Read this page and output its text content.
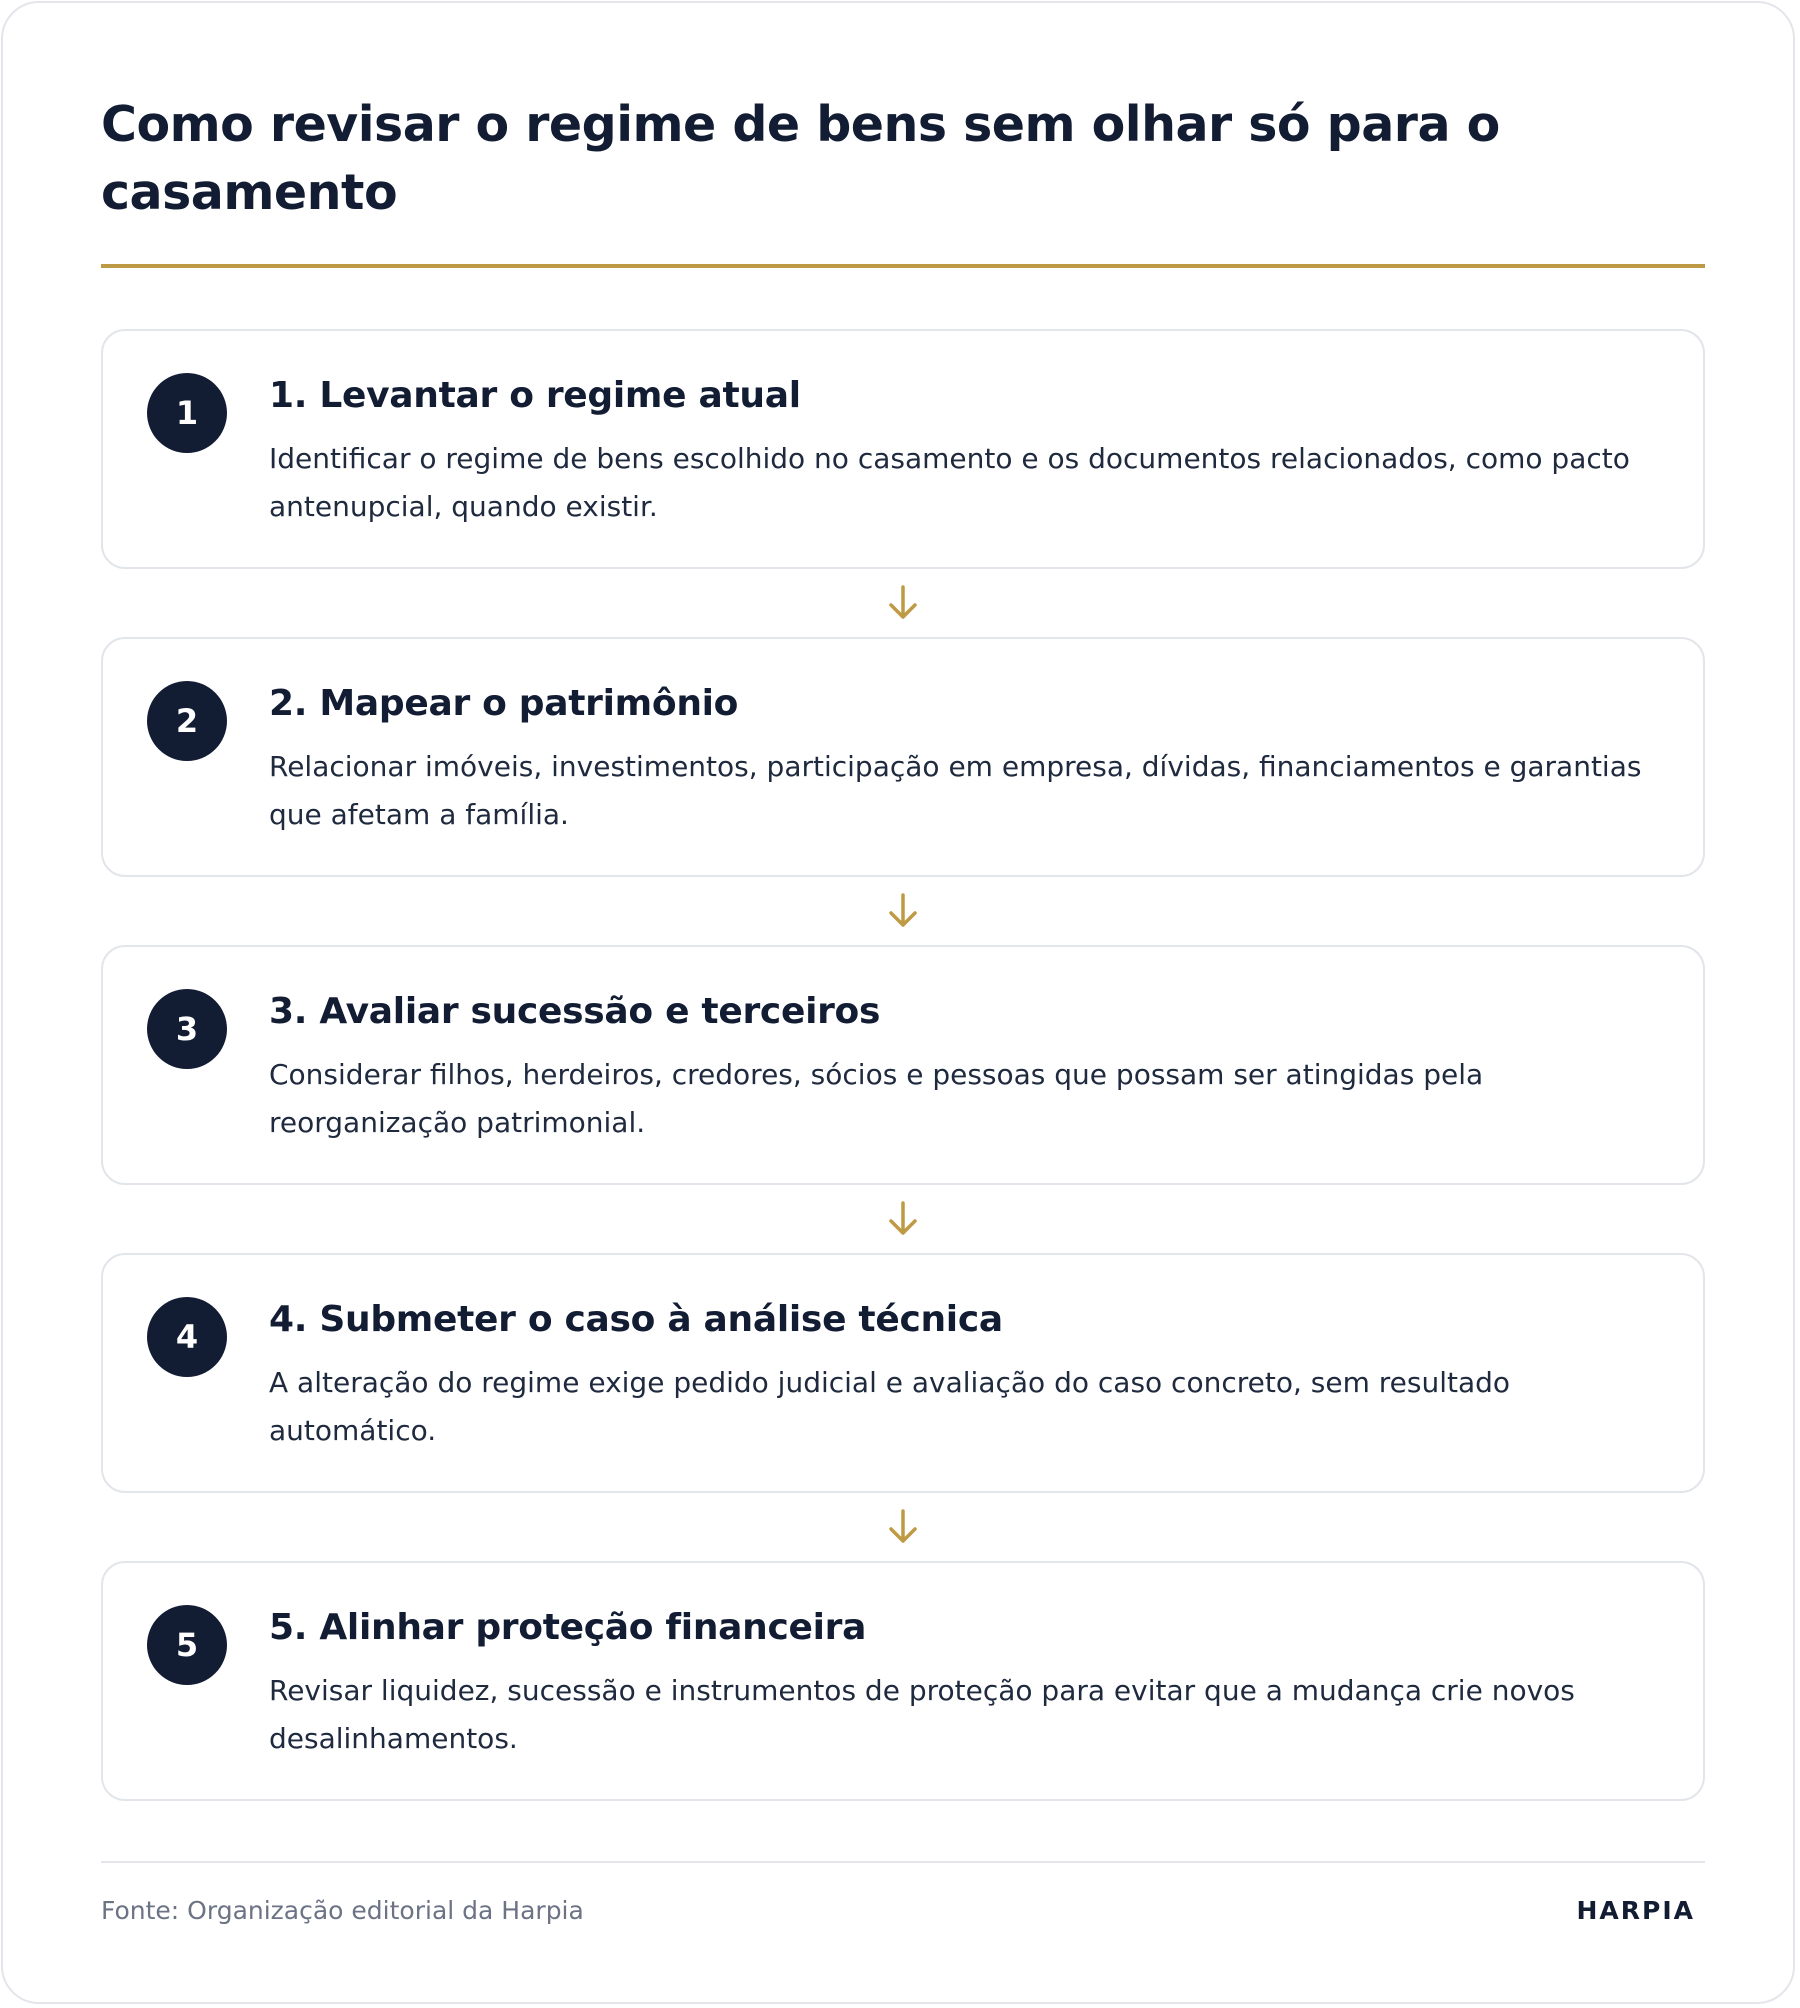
Como revisar o regime de bens sem olhar só para o casamento
1	1. Levantar o regime atual

Identificar o regime de bens escolhido no casamento e os documentos relacionados, como pacto antenupcial, quando existir.

2	2. Mapear o patrimônio

Relacionar imóveis, investimentos, participação em empresa, dívidas, financiamentos e garantias que afetam a família.

3	3. Avaliar sucessão e terceiros

Considerar filhos, herdeiros, credores, sócios e pessoas que possam ser atingidas pela reorganização patrimonial.

4	4. Submeter o caso à análise técnica

A alteração do regime exige pedido judicial e avaliação do caso concreto, sem resultado automático.

5	5. Alinhar proteção financeira

Revisar liquidez, sucessão e instrumentos de proteção para evitar que a mudança crie novos desalinhamentos.

Fonte: Organização editorial da Harpia	HARPIA
